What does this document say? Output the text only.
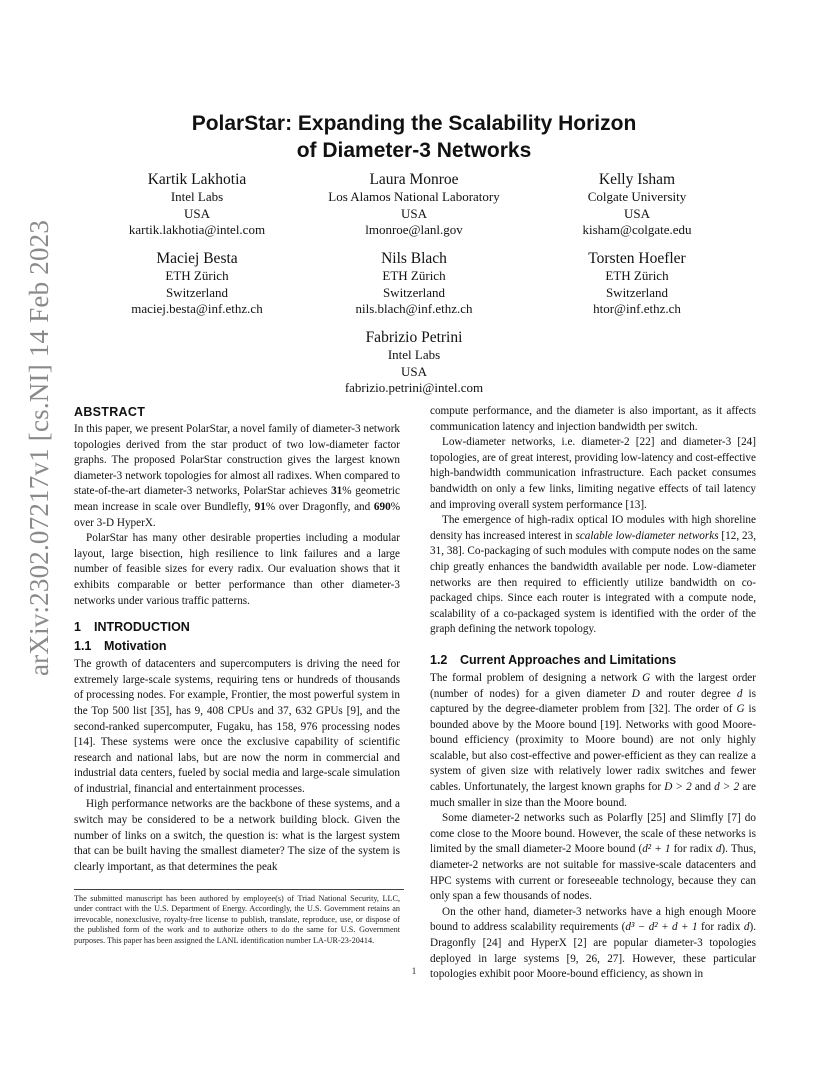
arXiv:2302.07217v1 [cs.NI] 14 Feb 2023
PolarStar: Expanding the Scalability Horizon
of Diameter-3 Networks
Kartik Lakhotia
Intel Labs
USA
kartik.lakhotia@intel.com
Laura Monroe
Los Alamos National Laboratory
USA
lmonroe@lanl.gov
Kelly Isham
Colgate University
USA
kisham@colgate.edu
Maciej Besta
ETH Zürich
Switzerland
maciej.besta@inf.ethz.ch
Nils Blach
ETH Zürich
Switzerland
nils.blach@inf.ethz.ch
Torsten Hoefler
ETH Zürich
Switzerland
htor@inf.ethz.ch
Fabrizio Petrini
Intel Labs
USA
fabrizio.petrini@intel.com
ABSTRACT

In this paper, we present PolarStar, a novel family of diameter-3 network topologies derived from the star product of two low-diameter factor graphs. The proposed PolarStar construction gives the largest known diameter-3 network topologies for almost all radixes. When compared to state-of-the-art diameter-3 networks, PolarStar achieves 31% geometric mean increase in scale over Bundlefly, 91% over Dragonfly, and 690% over 3-D HyperX.

PolarStar has many other desirable properties including a modular layout, large bisection, high resilience to link failures and a large number of feasible sizes for every radix. Our evaluation shows that it exhibits comparable or better performance than other diameter-3 networks under various traffic patterns.

1 INTRODUCTION
1.1 Motivation

The growth of datacenters and supercomputers is driving the need for extremely large-scale systems, requiring tens or hundreds of thousands of processing nodes. For example, Frontier, the most powerful system in the Top 500 list [35], has 9, 408 CPUs and 37, 632 GPUs [9], and the second-ranked supercomputer, Fugaku, has 158, 976 processing nodes [14]. These systems were once the exclusive capability of scientific research and national labs, but are now the norm in commercial and industrial data centers, fueled by social media and large-scale simulation of industrial, financial and entertainment processes.

High performance networks are the backbone of these systems, and a switch may be considered to be a network building block. Given the number of links on a switch, the question is: what is the largest system that can be built having the smallest diameter? The size of the system is clearly important, as that determines the peak

compute performance, and the diameter is also important, as it affects communication latency and injection bandwidth per switch.

Low-diameter networks, i.e. diameter-2 [22] and diameter-3 [24] topologies, are of great interest, providing low-latency and cost-effective high-bandwidth communication infrastructure. Each packet consumes bandwidth on only a few links, limiting negative effects of tail latency and improving overall system performance [13].

The emergence of high-radix optical IO modules with high shoreline density has increased interest in scalable low-diameter networks [12, 23, 31, 38]. Co-packaging of such modules with compute nodes on the same chip greatly enhances the bandwidth available per node. Low-diameter networks are then required to efficiently utilize bandwidth on co-packaged chips. Since each router is integrated with a compute node, scalability of a co-packaged system is identified with the order of the graph defining the network topology.

1.2 Current Approaches and Limitations

The formal problem of designing a network G with the largest order (number of nodes) for a given diameter D and router degree d is captured by the degree-diameter problem from [32]. The order of G is bounded above by the Moore bound [19]. Networks with good Moore-bound efficiency (proximity to Moore bound) are not only highly scalable, but also cost-effective and power-efficient as they can realize a system of given size with relatively lower radix switches and fewer cables. Unfortunately, the largest known graphs for D > 2 and d > 2 are much smaller in size than the Moore bound.

Some diameter-2 networks such as Polarfly [25] and Slimfly [7] do come close to the Moore bound. However, the scale of these networks is limited by the small diameter-2 Moore bound (d² + 1 for radix d). Thus, diameter-2 networks are not suitable for massive-scale datacenters and HPC systems with current or foreseeable technology, because they can only span a few thousands of nodes.

On the other hand, diameter-3 networks have a high enough Moore bound to address scalability requirements (d³ − d² + d + 1 for radix d). Dragonfly [24] and HyperX [2] are popular diameter-3 topologies deployed in large systems [9, 26, 27]. However, these particular topologies exhibit poor Moore-bound efficiency, as shown in

The submitted manuscript has been authored by employee(s) of Triad National Security, LLC, under contract with the U.S. Department of Energy. Accordingly, the U.S. Government retains an irrevocable, nonexclusive, royalty-free license to publish, translate, reproduce, use, or dispose of the published form of the work and to authorize others to do the same for U.S. Government purposes. This paper has been assigned the LANL identification number LA-UR-23-20414.
1
